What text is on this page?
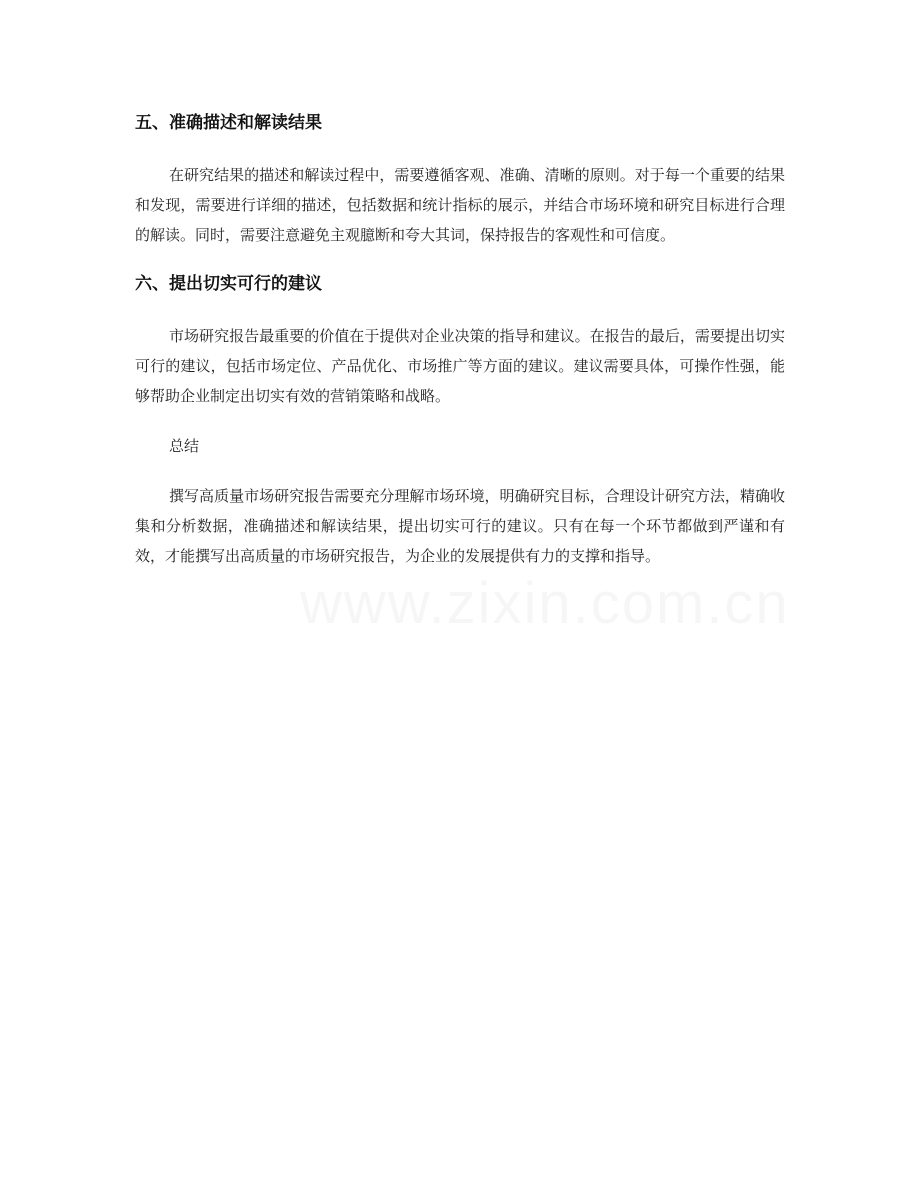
五、准确描述和解读结果

在研究结果的描述和解读过程中，需要遵循客观、准确、清晰的原则。对于每一个重要的结果和发现，需要进行详细的描述，包括数据和统计指标的展示，并结合市场环境和研究目标进行合理的解读。同时，需要注意避免主观臆断和夸大其词，保持报告的客观性和可信度。

六、提出切实可行的建议

市场研究报告最重要的价值在于提供对企业决策的指导和建议。在报告的最后，需要提出切实可行的建议，包括市场定位、产品优化、市场推广等方面的建议。建议需要具体，可操作性强，能够帮助企业制定出切实有效的营销策略和战略。

总结

撰写高质量市场研究报告需要充分理解市场环境，明确研究目标，合理设计研究方法，精确收集和分析数据，准确描述和解读结果，提出切实可行的建议。只有在每一个环节都做到严谨和有效，才能撰写出高质量的市场研究报告，为企业的发展提供有力的支撑和指导。
